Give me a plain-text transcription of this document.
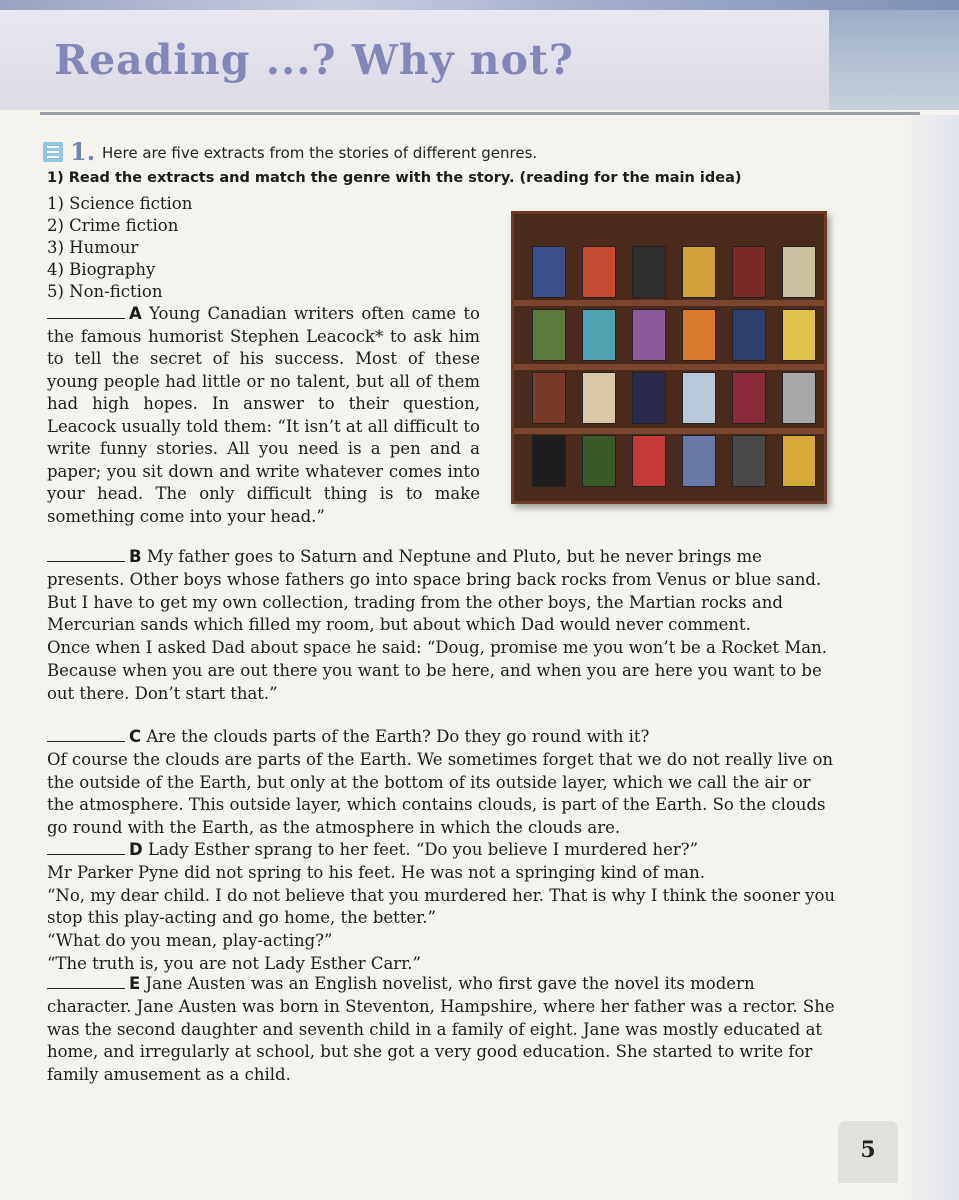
Reading ...? Why not?
1. Here are five extracts from the stories of different genres.
1) Read the extracts and match the genre with the story. (reading for the main idea)
1) Science fiction
2) Crime fiction
3) Humour
4) Biography
5) Non-fiction
A Young Canadian writers often came to the famous humorist Stephen Leacock* to ask him to tell the secret of his success. Most of these young people had little or no talent, but all of them had high hopes. In answer to their question, Leacock usually told them: “It isn’t at all difficult to write funny stories. All you need is a pen and a paper; you sit down and write whatever comes into your head. The only difficult thing is to make something come into your head.”
B My father goes to Saturn and Neptune and Pluto, but he never brings me presents. Other boys whose fathers go into space bring back rocks from Venus or blue sand. But I have to get my own collection, trading from the other boys, the Martian rocks and Mercurian sands which filled my room, but about which Dad would never comment.
Once when I asked Dad about space he said: “Doug, promise me you won’t be a Rocket Man. Because when you are out there you want to be here, and when you are here you want to be out there. Don’t start that.”
C Are the clouds parts of the Earth? Do they go round with it?
Of course the clouds are parts of the Earth. We sometimes forget that we do not really live on the outside of the Earth, but only at the bottom of its outside layer, which we call the air or the atmosphere. This outside layer, which contains clouds, is part of the Earth. So the clouds go round with the Earth, as the atmosphere in which the clouds are.
D Lady Esther sprang to her feet. “Do you believe I murdered her?”
Mr Parker Pyne did not spring to his feet. He was not a springing kind of man.
“No, my dear child. I do not believe that you murdered her. That is why I think the sooner you stop this play-acting and go home, the better.”
“What do you mean, play-acting?”
“The truth is, you are not Lady Esther Carr.”
E Jane Austen was an English novelist, who first gave the novel its modern character. Jane Austen was born in Steventon, Hampshire, where her father was a rector. She was the second daughter and seventh child in a family of eight. Jane was mostly educated at home, and irregularly at school, but she got a very good education. She started to write for family amusement as a child.
5
